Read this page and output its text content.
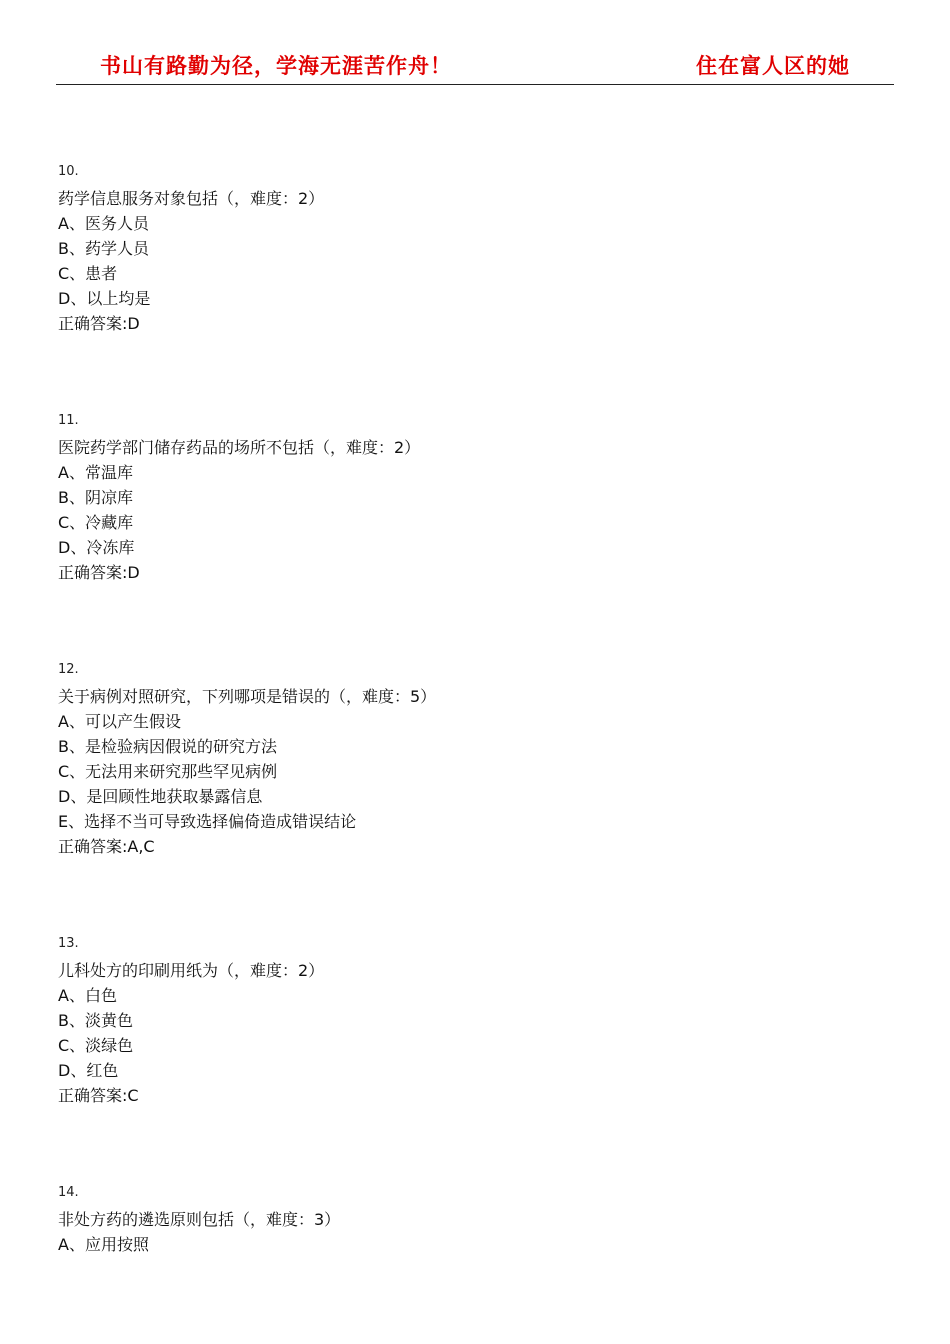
书山有路勤为径，学海无涯苦作舟！	住在富人区的她
10.
药学信息服务对象包括（，难度：2）
A、医务人员
B、药学人员
C、患者
D、以上均是
正确答案:D
11.
医院药学部门储存药品的场所不包括（，难度：2）
A、常温库
B、阴凉库
C、冷藏库
D、冷冻库
正确答案:D
12.
关于病例对照研究，下列哪项是错误的（，难度：5）
A、可以产生假设
B、是检验病因假说的研究方法
C、无法用来研究那些罕见病例
D、是回顾性地获取暴露信息
E、选择不当可导致选择偏倚造成错误结论
正确答案:A,C
13.
儿科处方的印刷用纸为（，难度：2）
A、白色
B、淡黄色
C、淡绿色
D、红色
正确答案:C
14.
非处方药的遴选原则包括（，难度：3）
A、应用按照
